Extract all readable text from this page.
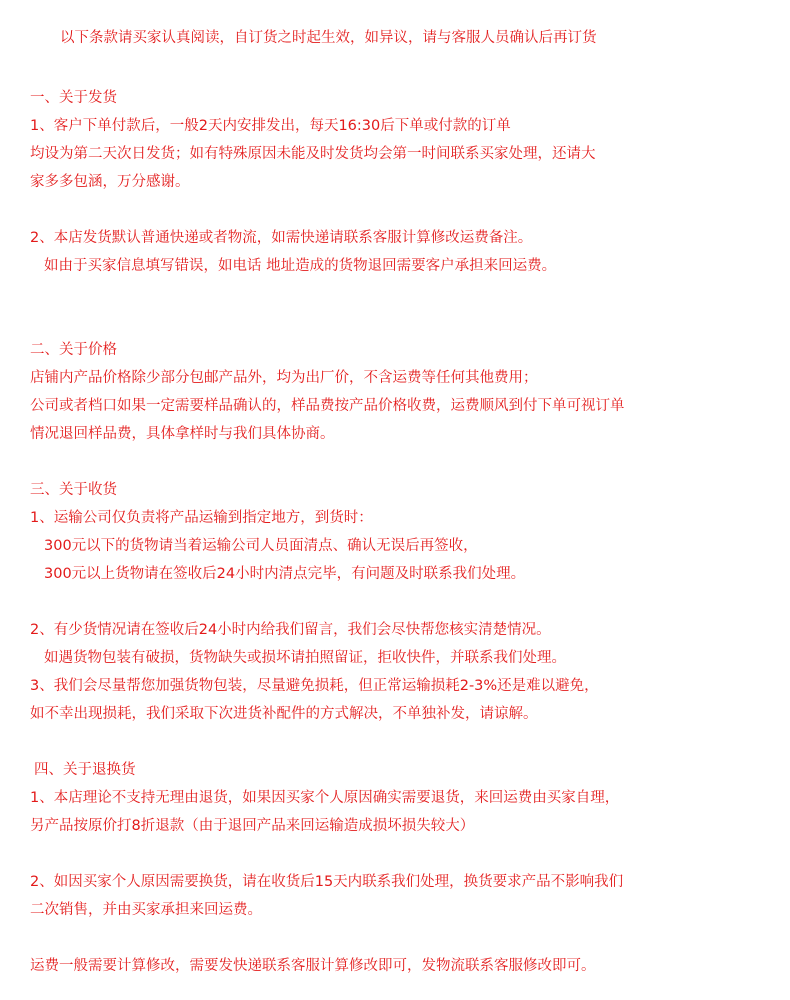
以下条款请买家认真阅读，自订货之时起生效，如异议，请与客服人员确认后再订货
一、关于发货
1、客户下单付款后，一般2天内安排发出，每天16:30后下单或付款的订单
均设为第二天次日发货；如有特殊原因未能及时发货均会第一时间联系买家处理，还请大
家多多包涵，万分感谢。
2、本店发货默认普通快递或者物流，如需快递请联系客服计算修改运费备注。
如由于买家信息填写错误，如电话 地址造成的货物退回需要客户承担来回运费。
二、关于价格
店铺内产品价格除少部分包邮产品外，均为出厂价，不含运费等任何其他费用；
公司或者档口如果一定需要样品确认的，样品费按产品价格收费，运费顺风到付下单可视订单
情况退回样品费，具体拿样时与我们具体协商。
三、关于收货
1、运输公司仅负责将产品运输到指定地方，到货时：
300元以下的货物请当着运输公司人员面清点、确认无误后再签收，
300元以上货物请在签收后24小时内清点完毕，有问题及时联系我们处理。
2、有少货情况请在签收后24小时内给我们留言，我们会尽快帮您核实清楚情况。
如遇货物包装有破损，货物缺失或损坏请拍照留证，拒收快件，并联系我们处理。
3、我们会尽量帮您加强货物包装，尽量避免损耗，但正常运输损耗2-3%还是难以避免，
如不幸出现损耗，我们采取下次进货补配件的方式解决，不单独补发，请谅解。
四、关于退换货
1、本店理论不支持无理由退货，如果因买家个人原因确实需要退货，来回运费由买家自理，
另产品按原价打8折退款（由于退回产品来回运输造成损坏损失较大）
2、如因买家个人原因需要换货，请在收货后15天内联系我们处理，换货要求产品不影响我们
二次销售，并由买家承担来回运费。
运费一般需要计算修改，需要发快递联系客服计算修改即可，发物流联系客服修改即可。
